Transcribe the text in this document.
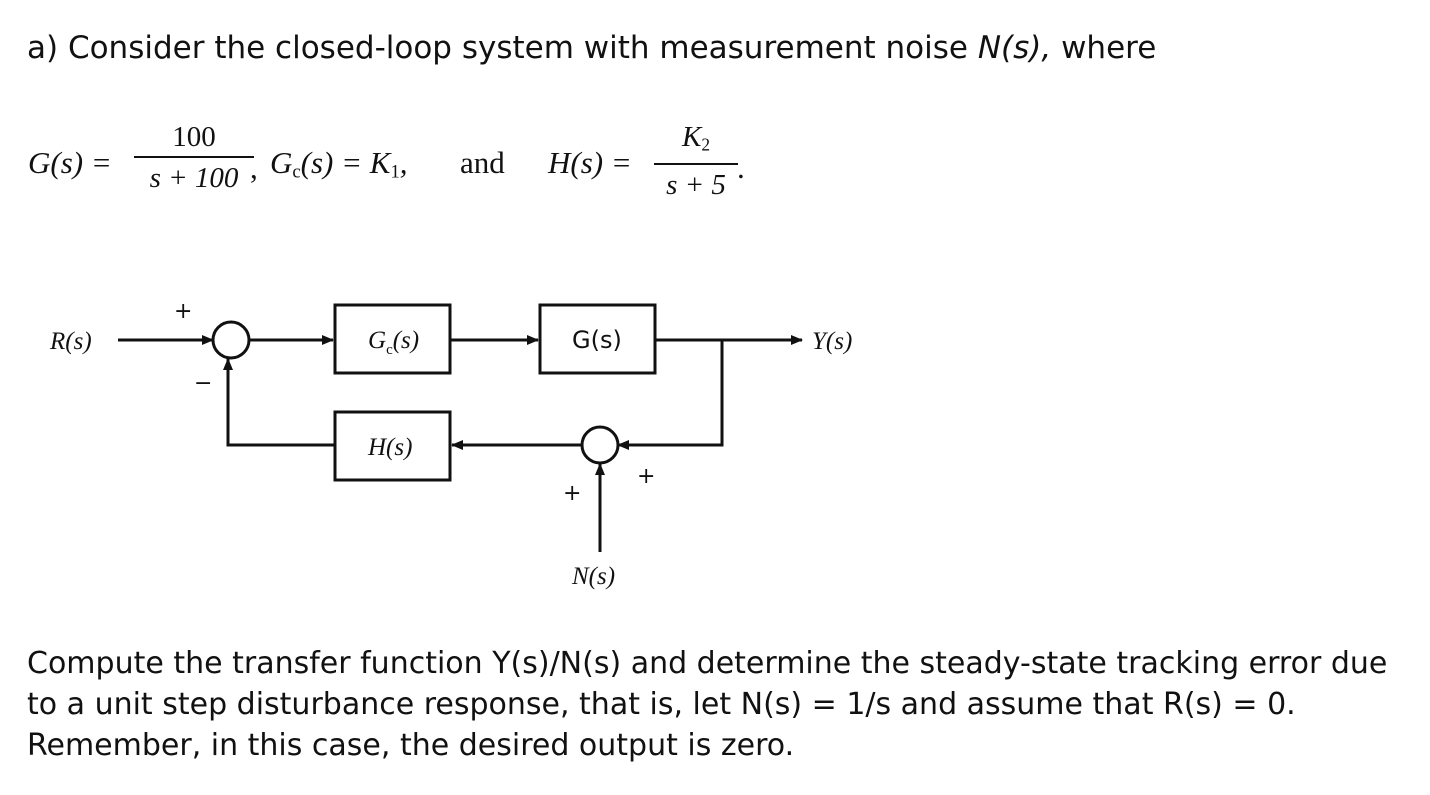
a) Consider the closed-loop system with measurement noise N(s), where
G(s) =
100
s + 100 , $G_c(s) = K_1$, and H(s) =
$K_2$
s + 5 .
R(s)	Y(s)
N(s)
$G_c(s)$	G(s)
H(s)
+
−
+
+
Compute the transfer function Y(s)/N(s) and determine the steady-state tracking error due
to a unit step disturbance response, that is, let N(s) = 1/s and assume that R(s) = 0.
Remember, in this case, the desired output is zero.
